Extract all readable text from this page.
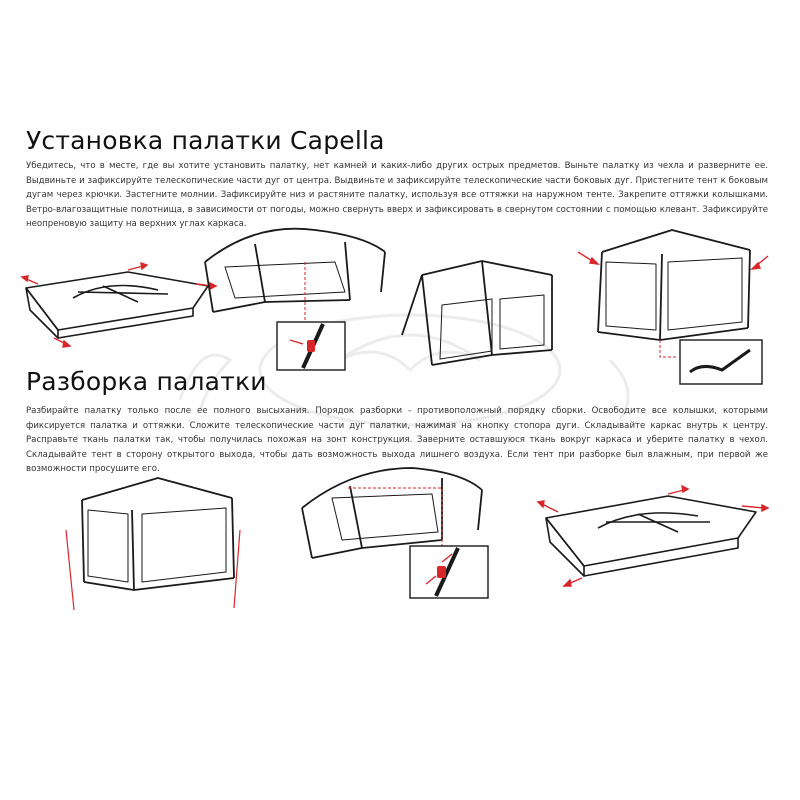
Установка палатки Capella

Убедитесь, что в месте, где вы хотите установить палатку, нет камней и каких-либо других острых предметов. Выньте палатку из чехла и разверните ее. Выдвиньте и зафиксируйте телескопические части дуг от центра. Выдвиньте и зафиксируйте телескопические части боковых дуг. Пристегните тент к боковым дугам через крючки. Застегните молнии. Зафиксируйте низ и растяните палатку, используя все оттяжки на наружном тенте. Закрепите оттяжки колышками. Ветро-влагозащитные полотнища, в зависимости от погоды, можно свернуть вверх и зафиксировать в свернутом состоянии с помощью клевант. Зафиксируйте неопреновую защиту на верхних углах каркаса.

Разборка палатки

Разбирайте палатку только после ее полного высыхания. Порядок разборки - противоположный порядку сборки. Освободите все колышки, которыми фиксируется палатка и оттяжки. Сложите телескопические части дуг палатки, нажимая на кнопку стопора дуги. Складывайте каркас внутрь к центру. Расправьте ткань палатки так, чтобы получилась похожая на зонт конструкция. Заверните оставшуюся ткань вокруг каркаса и уберите палатку в чехол. Складывайте тент в сторону открытого выхода, чтобы дать возможность выхода лишнего воздуха. Если тент при разборке был влажным, при первой же возможности просушите его.
